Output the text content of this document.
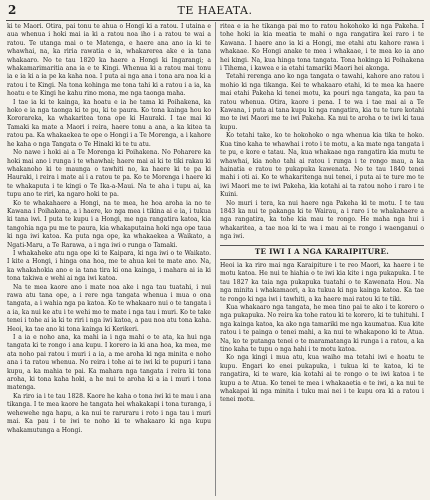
2	TE HAEATA.

ki te Maori. Otira, pai tonu te ahua o Hongi ki a ratou. I utaina e aua whenua i hoki mai ia ki a ratou noa iho i a ratou te wai a ratou. Te utanga mai o te Matenga, e haere ana ano ia ki te whawhai, na, ka riria rawatia e ia, whakarerea ake e ia tana whakaaro. No te tau 1820 ka haere a Hongi ki Ingarangi; a whakamarimaritia ana ia e te Kingi. Whenua ki a ratou mai tonu ia e ia ki a ia pe ka kaha noa. I puta ai nga ana i tona ara noa ki a ratou i te Kingi. Na tona kohinga me tona tahi ki a ratou i a ia, ka hoatu e te Kingi he kahu rino mona, me nga taonga maha.

I tae ia ki te kainga, ka hoatu e ia he tama ki Poihakena, ka hoko e ia nga taonga ki te pu, ki te paura. Ko tona kainga hou ko Kororareka, ka whakaritea tona ope ki Hauraki. I tae mai ki Tamaki ka mate a Maori i reira, haere tonu a ana, a ka kitea ta ratou pa. Ka whakaekea te ope o Hongi i a Te Morenga, a i kahore he kaha o nga Tangata o Te Hinaki ki te tu atu.

No nawe i hoki ai a Te Morenga ki Poihakena. No Poharere ka hoki mai ano i runga i te whawhai; haere mai ai ki te tiki rakau ki whakanoho ki te maunga o tawhiti no, ka haere ki te pa ki Hauraki, i reira i mate ai i a ratou te pa. Ko te Morenga i haere ki te whakaputa i te kingi o Te Ika-a-Maui. Na te aha i tupu ai, ka tupu ano te riri, ka ngaro hoki te pa.

Ko te whakahaere a Hongi, na te mea, he hoa aroha ia no te Kawana i Poihakena, a i haere, ko nga mea i tikina ai e ia, i tukua ki tana iwi. I puta te kupu i a Hongi, me nga rangatira katoa, kia tangohia nga pu me te paura, kia whakaputaina hoki nga ope taua ki nga iwi katoa. Ka puta nga ope, ka whakaekea a Waikato, a Ngati-Maru, a Te Rarawa, a i nga iwi o runga o Tamaki.

I whakaheke atu nga ope ki te Kaipara, ki nga iwi o te Waikato. I kite a Hongi, i hinga ona hoa, me te ahua kei te mate ano. Na, ka whakahokia ano e ia tana tira ki ona kainga, i mahara ai ia ki tona takiwa e wehi ai nga iwi katoa.

Na te mea kaore ano i mate noa ake i nga tau tuatahi, i nui rawa atu tana ope, a i rere nga tangata whenua i mua o ona tangata, a i wahia nga pa katoa. Ko te whakaaro nui o te tangata i a ia, ka nui ke atu i te wehi mo te mate i nga tau i muri. Ko te take tenei i tohe ai ia ki te riri i nga iwi katoa, a pau noa atu tona kaha. Heoi, ka tae ano ki tona kainga ki Kerikeri.

I a ia e noho ana, ka mahi ia i nga mahi o te ata, ka hui nga tangata ki te rongo i ana kupu. I korero ia ki ana hoa, ka mea, me ata noho pai ratou i muri i a ia, a me aroha ki nga minita e noho ana i ta ratou whenua. No reira i tohe ai te iwi ki te pupuri i tana kupu, a ka mahia te pai. Ka mahara nga tangata i reira ki tona aroha, ki tona kaha hoki, a he nui te aroha ki a ia i muri i tona matenga.

Ka riro ia i te tau 1828. Kaore he kaha o tona iwi ki te mau i ana tikanga. I te mea kaore he tangata hei whakakapi i tona turanga, i wehewehe nga hapu, a ka nui te raruraru i roto i nga tau i muri mai. Ka pau i te iwi te noho ki te whakaaro ki nga kupu whakamutunga a Hongi.

ritea e ia he tikanga pai mo to ratou hokohoko ki nga Pakeha. I tohe hoki ia kia meatia te mahi o nga rangatira kei raro i te Kawana. I haere ano ia ki a Hongi, me etahi atu kahore rawa i whakaae. Ko Hongi anake te mea i whakaae, i te mea ko ia ano hei kingi. Na, kua hinga tona tangata. Tona hokinga ki Poihakena i Tihema, i kawea e ia etahi tamariki Maori hei akonga.

Tetahi rerenga ano ko nga tangata o tawahi, kahore ano ratou i mohio ki nga tikanga. Kei te whakaaro etahi, ki te mea ka haere mai etahi Pakeha ki tenei motu, ka pouri nga tangata, ka pau ta ratou whenua. Otira, kaore i pena. I te wa i tae mai ai a Te Kawana, i puta ai tana kupu ki nga rangatira, kia tu te ture kotahi mo te iwi Maori me te iwi Pakeha. Ka nui te aroha o te iwi ki taua kupu.

Ko tetahi take, ko te hokohoko o nga whenua kia tika te hoko. Kua tino kaha te whawhai i roto i te motu, a ka mate nga tangata i te pu, e kore e tatau. Na, kua whakaae nga rangatira kia mutu te whawhai, kia noho tahi ai ratou i runga i te rongo mau, a ka hainatia e ratou te pukapuka kawenata. No te tau 1840 tenei mahi i oti ai. Ko te whakaritenga nui tenei, i puta ai te ture mo te iwi Maori me te iwi Pakeha, kia kotahi ai ta ratou noho i raro i te Kuini.

No muri i tera, ka nui haere nga Pakeha ki te motu. I te tau 1843 ka nui te pakanga ki te Wairau, a i raro i te whakahaere a nga rangatira, ka tohe kia mau te rongo. He maha nga hui i whakaritea, a tae noa ki te wa i mau ai te rongo i waenganui o nga iwi.

TE IWI I A NGA KARAIPITURE.

Heoi ia ka riro mai nga Karaipiture i te reo Maori, ka haere i te motu katoa. He nui te hiahia o te iwi kia kite i nga pukapuka. I te tau 1827 ka taia nga pukapuka tuatahi o te Kawenata Hou. Na nga minita i whakamaori, a ka tukua ki nga kainga katoa. Ka tae te rongo ki nga iwi i tawhiti, a ka haere mai ratou ki te tiki.

Kua whakaaro nga tangata, he mea tino pai te ako i te korero o nga pukapuka. No reira ka tohe ratou ki te korero, ki te tuhituhi. I nga kainga katoa, ka ako nga tamariki me nga kaumatua. Kua kite ratou i te painga o tenei mahi, a ka nui te whakapono ki te Atua. Na, ko te putanga tenei o te maramatanga ki runga i a ratou, a ka tino kaha te tupu o nga hahi i te motu katoa.

Ko nga kingi i mua atu, kua waiho ma tetahi iwi e hoatu te kupu. Engari ko enei pukapuka, i tukua ki te katoa, ki te rangatira, ki te ware, kia kotahi ai te rongo o te iwi katoa i te kupu a te Atua. Ko tenei te mea i whakaaetia e te iwi, a ka nui te whakapai ki nga minita i tuku mai nei i te kupu ora ki a ratou i tenei motu.
